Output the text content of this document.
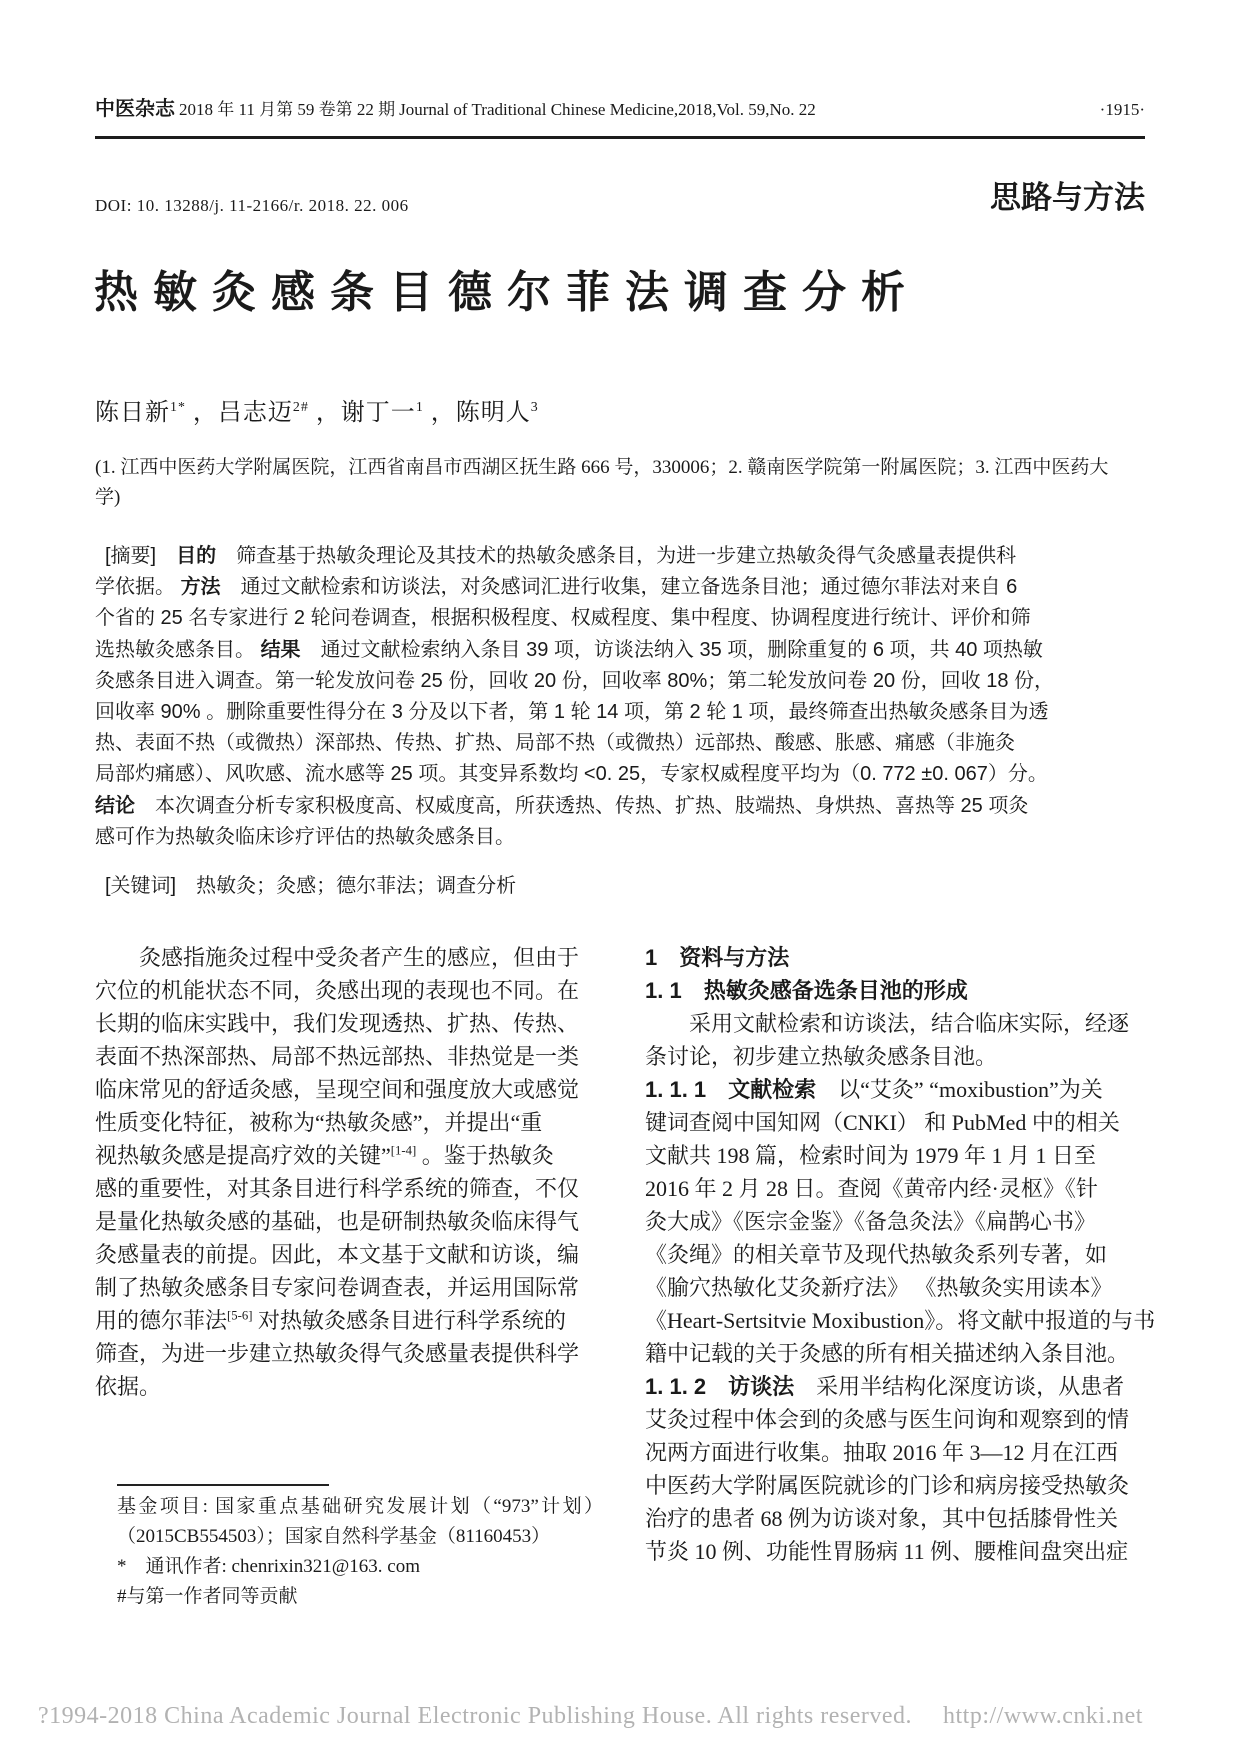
中医杂志 2018 年 11 月第 59 卷第 22 期 Journal of Traditional Chinese Medicine,2018,Vol. 59,No. 22	·1915·
DOI: 10. 13288/j. 11-2166/r. 2018. 22. 006	思路与方法
热敏灸感条目德尔菲法调查分析
陈日新$^{1*}$ ，吕志迈$^{2\#}$ ，谢丁一$^1$ ，陈明人$^3$
(1. 江西中医药大学附属医院，江西省南昌市西湖区抚生路 666 号，330006；2. 赣南医学院第一附属医院；3. 江西中医药大
学)
 [摘要]　目的　筛查基于热敏灸理论及其技术的热敏灸感条目，为进一步建立热敏灸得气灸感量表提供科
学依据。 方法　通过文献检索和访谈法，对灸感词汇进行收集，建立备选条目池；通过德尔菲法对来自 6
个省的 25 名专家进行 2 轮问卷调查，根据积极程度、权威程度、集中程度、协调程度进行统计、评价和筛
选热敏灸感条目。 结果　通过文献检索纳入条目 39 项，访谈法纳入 35 项，删除重复的 6 项，共 40 项热敏
灸感条目进入调查。第一轮发放问卷 25 份，回收 20 份，回收率 80%；第二轮发放问卷 20 份，回收 18 份，
回收率 90% 。删除重要性得分在 3 分及以下者，第 1 轮 14 项，第 2 轮 1 项，最终筛查出热敏灸感条目为透
热、表面不热（或微热）深部热、传热、扩热、局部不热（或微热）远部热、酸感、胀感、痛感（非施灸
局部灼痛感）、风吹感、流水感等 25 项。其变异系数均 <0. 25，专家权威程度平均为（0. 772 ±0. 067）分。
结论　本次调查分析专家积极度高、权威度高，所获透热、传热、扩热、肢端热、身烘热、喜热等 25 项灸
感可作为热敏灸临床诊疗评估的热敏灸感条目。
 [关键词]　热敏灸；灸感；德尔菲法；调查分析
　　灸感指施灸过程中受灸者产生的感应，但由于
穴位的机能状态不同，灸感出现的表现也不同。在
长期的临床实践中，我们发现透热、扩热、传热、
表面不热深部热、局部不热远部热、非热觉是一类
临床常见的舒适灸感，呈现空间和强度放大或感觉
性质变化特征，被称为“热敏灸感”，并提出“重
视热敏灸感是提高疗效的关键”[1-4] 。鉴于热敏灸
感的重要性，对其条目进行科学系统的筛查，不仅
是量化热敏灸感的基础，也是研制热敏灸临床得气
灸感量表的前提。因此，本文基于文献和访谈，编
制了热敏灸感条目专家问卷调查表，并运用国际常
用的德尔菲法[5-6] 对热敏灸感条目进行科学系统的
筛查，为进一步建立热敏灸得气灸感量表提供科学
依据。
1　资料与方法
1. 1　热敏灸感备选条目池的形成
　　采用文献检索和访谈法，结合临床实际，经逐
条讨论，初步建立热敏灸感条目池。
1. 1. 1　文献检索　以“艾灸” “moxibustion”为关
键词查阅中国知网（CNKI） 和 PubMed 中的相关
文献共 198 篇，检索时间为 1979 年 1 月 1 日至
2016 年 2 月 28 日。查阅《黄帝内经·灵枢》《针
灸大成》《医宗金鉴》《备急灸法》《扁鹊心书》
《灸绳》的相关章节及现代热敏灸系列专著，如
《腧穴热敏化艾灸新疗法》 《热敏灸实用读本》
《Heart-Sertsitvie Moxibustion》。将文献中报道的与书
籍中记载的关于灸感的所有相关描述纳入条目池。
1. 1. 2　访谈法　采用半结构化深度访谈，从患者
艾灸过程中体会到的灸感与医生问询和观察到的情
况两方面进行收集。抽取 2016 年 3—12 月在江西
中医药大学附属医院就诊的门诊和病房接受热敏灸
治疗的患者 68 例为访谈对象，其中包括膝骨性关
节炎 10 例、功能性胃肠病 11 例、腰椎间盘突出症
基金项目: 国家重点基础研究发展计划（“973”计划）
（2015CB554503）；国家自然科学基金（81160453）
*　通讯作者: chenrixin321@163. com
#与第一作者同等贡献
?1994-2018 China Academic Journal Electronic Publishing House. All rights reserved.　 http://www.cnki.net
